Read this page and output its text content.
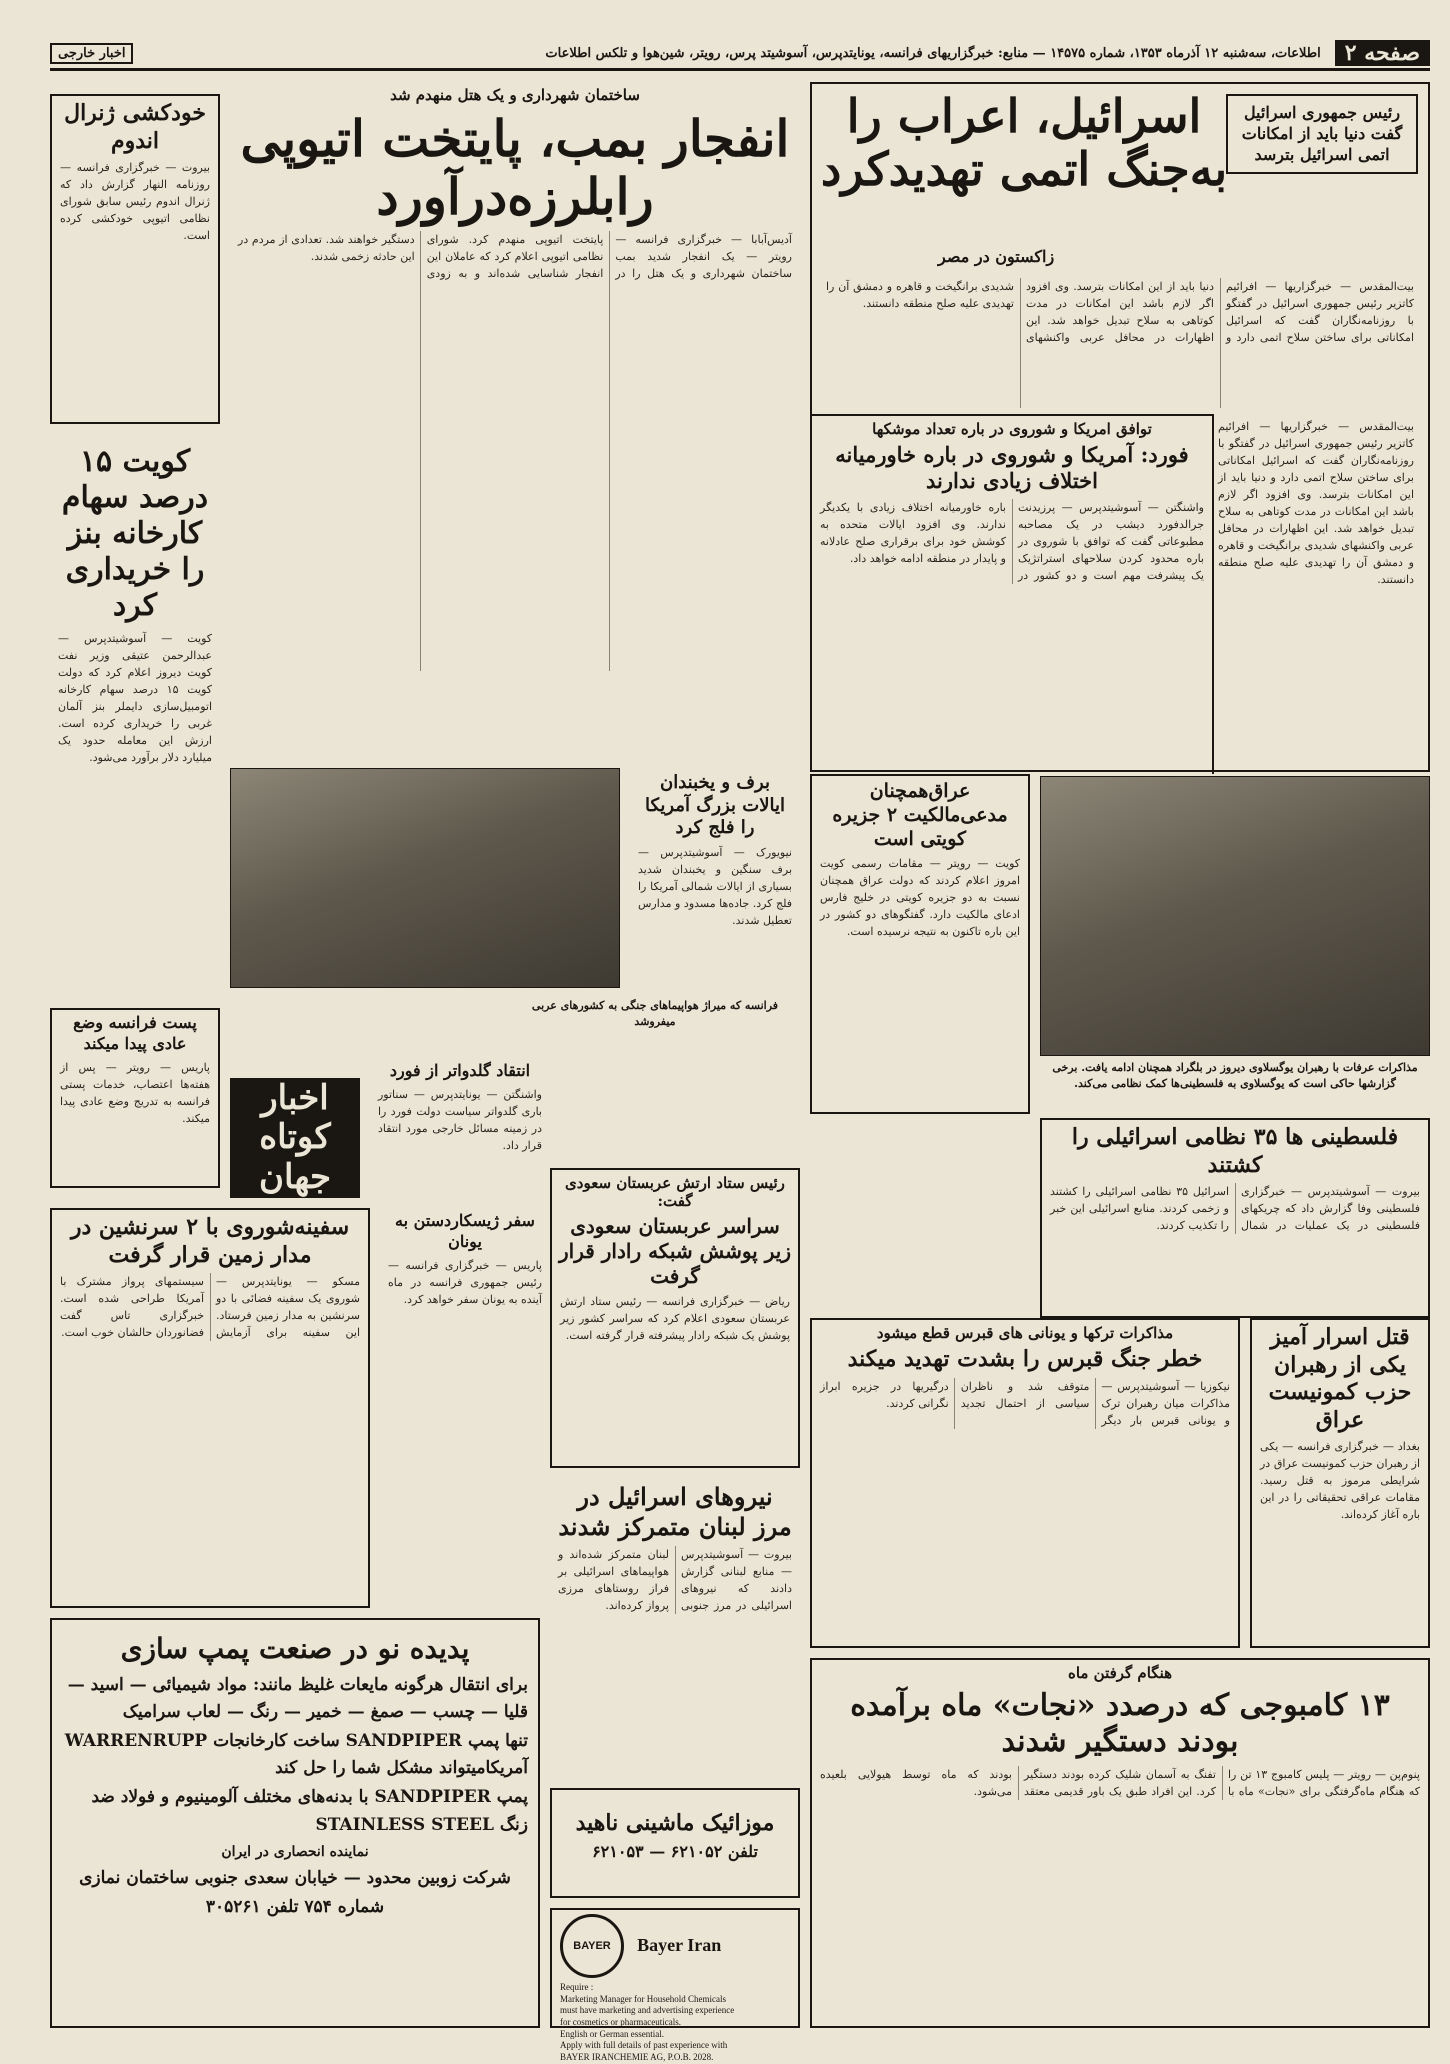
صفحه ۲
اطلاعات، سه‌شنبه ۱۲ آذرماه ۱۳۵۳، شماره ۱۴۵۷۵ — منابع: خبرگزاریهای فرانسه، یونایتدپرس، آسوشیتد پرس، رویتر، شین‌هوا و تلکس اطلاعات
اخبار خارجی
رئیس جمهوری اسرائیل گفت دنیا باید از امکانات اتمی اسرائیل بترسد
اسرائیل، اعراب را به‌جنگ اتمی تهدیدکرد
زاکستون در مصر
بیت‌المقدس — خبرگزاریها — افرائیم کاتزیر رئیس جمهوری اسرائیل در گفتگو با روزنامه‌نگاران گفت که اسرائیل امکاناتی برای ساختن سلاح اتمی دارد و دنیا باید از این امکانات بترسد. وی افزود اگر لازم باشد این امکانات در مدت کوتاهی به سلاح تبدیل خواهد شد. این اظهارات در محافل عربی واکنشهای شدیدی برانگیخت و قاهره و دمشق آن را تهدیدی علیه صلح منطقه دانستند.
توافق امریکا و شوروی در باره تعداد موشکها
فورد: آمریکا و شوروی در باره خاورمیانه اختلاف زیادی ندارند
واشنگتن — آسوشیتدپرس — پرزیدنت جرالدفورد دیشب در یک مصاحبه مطبوعاتی گفت که توافق با شوروی در باره محدود کردن سلاحهای استراتژیک یک پیشرفت مهم است و دو کشور در باره خاورمیانه اختلاف زیادی با یکدیگر ندارند. وی افزود ایالات متحده به کوشش خود برای برقراری صلح عادلانه و پایدار در منطقه ادامه خواهد داد.
بیت‌المقدس — خبرگزاریها — افرائیم کاتزیر رئیس جمهوری اسرائیل در گفتگو با روزنامه‌نگاران گفت که اسرائیل امکاناتی برای ساختن سلاح اتمی دارد و دنیا باید از این امکانات بترسد. وی افزود اگر لازم باشد این امکانات در مدت کوتاهی به سلاح تبدیل خواهد شد. این اظهارات در محافل عربی واکنشهای شدیدی برانگیخت و قاهره و دمشق آن را تهدیدی علیه صلح منطقه دانستند.
عراق‌همچنان مدعی‌مالکیت ۲ جزیره کویتی است
کویت — رویتر — مقامات رسمی کویت امروز اعلام کردند که دولت عراق همچنان نسبت به دو جزیره کویتی در خلیج فارس ادعای مالکیت دارد. گفتگوهای دو کشور در این باره تاکنون به نتیجه نرسیده است.
مذاکرات عرفات با رهبران یوگسلاوی دیروز در بلگراد همچنان ادامه یافت. برخی گزارشها حاکی است که یوگسلاوی به فلسطینی‌ها کمک نظامی می‌کند.
فلسطینی ها ۳۵ نظامی اسرائیلی را کشتند
بیروت — آسوشیتدپرس — خبرگزاری فلسطینی وفا گزارش داد که چریکهای فلسطینی در یک عملیات در شمال اسرائیل ۳۵ نظامی اسرائیلی را کشتند و زخمی کردند. منابع اسرائیلی این خبر را تکذیب کردند.
مذاکرات ترکها و یونانی های قبرس قطع میشود
خطر جنگ قبرس را بشدت تهدید میکند
نیکوزیا — آسوشیتدپرس — مذاکرات میان رهبران ترک و یونانی قبرس بار دیگر متوقف شد و ناظران سیاسی از احتمال تجدید درگیریها در جزیره ابراز نگرانی کردند.
قتل اسرار آمیز یکی از رهبران حزب کمونیست عراق
بغداد — خبرگزاری فرانسه — یکی از رهبران حزب کمونیست عراق در شرایطی مرموز به قتل رسید. مقامات عراقی تحقیقاتی را در این باره آغاز کرده‌اند.
هنگام گرفتن ماه
۱۳ کامبوجی که درصدد «نجات» ماه برآمده بودند دستگیر شدند
پنوم‌پن — رویتر — پلیس کامبوج ۱۳ تن را که هنگام ماه‌گرفتگی برای «نجات» ماه با تفنگ به آسمان شلیک کرده بودند دستگیر کرد. این افراد طبق یک باور قدیمی معتقد بودند که ماه توسط هیولایی بلعیده می‌شود.
ساختمان شهرداری و یک هتل منهدم شد
انفجار بمب، پایتخت اتیوپی رابلرزه‌درآورد
آدیس‌آبابا — خبرگزاری فرانسه — رویتر — یک انفجار شدید بمب ساختمان شهرداری و یک هتل را در پایتخت اتیوپی منهدم کرد. شورای نظامی اتیوپی اعلام کرد که عاملان این انفجار شناسایی شده‌اند و به زودی دستگیر خواهند شد. تعدادی از مردم در این حادثه زخمی شدند.
خودکشی ژنرال اندوم
بیروت — خبرگزاری فرانسه — روزنامه النهار گزارش داد که ژنرال اندوم رئیس سابق شورای نظامی اتیوپی خودکشی کرده است.
کویت ۱۵ درصد سهام کارخانه بنز را خریداری کرد
کویت — آسوشیتدپرس — عبدالرحمن عتیقی وزیر نفت کویت دیروز اعلام کرد که دولت کویت ۱۵ درصد سهام کارخانه اتومبیل‌سازی دایملر بنز آلمان غربی را خریداری کرده است. ارزش این معامله حدود یک میلیارد دلار برآورد می‌شود.
برف و یخبندان ایالات بزرگ آمریکا را فلج کرد
نیویورک — آسوشیتدپرس — برف سنگین و یخبندان شدید بسیاری از ایالات شمالی آمریکا را فلج کرد. جاده‌ها مسدود و مدارس تعطیل شدند.
فرانسه که میراژ هواپیماهای جنگی به کشورهای عربی میفروشد
پست فرانسه وضع عادی پیدا میکند
پاریس — رویتر — پس از هفته‌ها اعتصاب، خدمات پستی فرانسه به تدریج وضع عادی پیدا میکند.	اخبار کوتاه جهان
انتقاد گلدواتر از فورد
واشنگتن — یونایتدپرس — سناتور باری گلدواتر سیاست دولت فورد را در زمینه مسائل خارجی مورد انتقاد قرار داد.
سفینه‌شوروی با ۲ سرنشین در مدار زمین قرار گرفت
مسکو — یونایتدپرس — شوروی یک سفینه فضائی با دو سرنشین به مدار زمین فرستاد. این سفینه برای آزمایش سیستمهای پرواز مشترک با آمریکا طراحی شده است. خبرگزاری تاس گفت فضانوردان حالشان خوب است.
سفر ژیسکاردستن به یونان
پاریس — خبرگزاری فرانسه — رئیس جمهوری فرانسه در ماه آینده به یونان سفر خواهد کرد.
رئیس ستاد ارتش عربستان سعودی گفت:
سراسر عربستان سعودی زیر پوشش شبکه رادار قرار گرفت
ریاض — خبرگزاری فرانسه — رئیس ستاد ارتش عربستان سعودی اعلام کرد که سراسر کشور زیر پوشش یک شبکه رادار پیشرفته قرار گرفته است.
نیروهای اسرائیل در مرز لبنان متمرکز شدند
بیروت — آسوشیتدپرس — منابع لبنانی گزارش دادند که نیروهای اسرائیلی در مرز جنوبی لبنان متمرکز شده‌اند و هواپیماهای اسرائیلی بر فراز روستاهای مرزی پرواز کرده‌اند.
پدیده نو در صنعت پمپ سازی
برای انتقال هرگونه مایعات غلیظ مانند: مواد شیمیائی — اسید — قلیا — چسب — صمغ — خمیر — رنگ — لعاب سرامیک
تنها پمپ SANDPIPER ساخت کارخانجات WARRENRUPP آمریکامیتواند مشکل شما را حل کند
پمپ SANDPIPER با بدنه‌های مختلف آلومینیوم و فولاد ضد زنگ STAINLESS STEEL
نماینده انحصاری در ایران
شرکت زوبین محدود — خیابان سعدی جنوبی ساختمان نمازی
شماره ۷۵۴ تلفن ۳۰۵۲۶۱
موزائیک ماشینی ناهید
تلفن ۶۲۱۰۵۲ — ۶۲۱۰۵۳
BAYER Bayer Iran
Require :
Marketing Manager for Household Chemicals
must have marketing and advertising experience
for cosmetics or pharmaceuticals.
English or German essential.
Apply with full details of past experience with
BAYER IRANCHEMIE AG, P.O.B. 2028.
